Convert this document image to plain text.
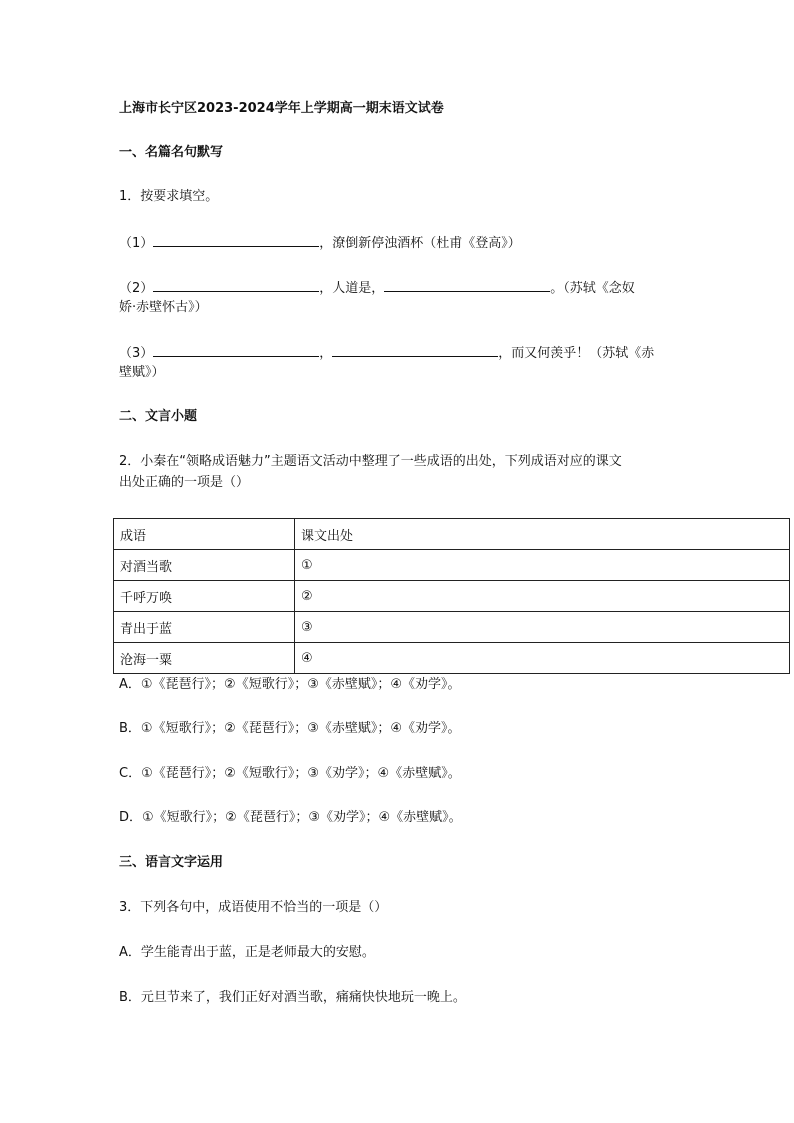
上海市长宁区2023-2024学年上学期高一期末语文试卷
一、名篇名句默写
1．按要求填空。
（1）	，潦倒新停浊酒杯（杜甫《登高》）
（2）	，人道是，	。（苏轼《念奴
娇·赤壁怀古》）
（3）	，	，而又何羡乎！（苏轼《赤
壁赋》）
二、文言小题
2．小秦在“领略成语魅力”主题语文活动中整理了一些成语的出处，下列成语对应的课文
出处正确的一项是（）
成语	课文出处
对酒当歌	①
千呼万唤	②
青出于蓝	③
沧海一粟	④
A．①《琵琶行》；②《短歌行》；③《赤壁赋》；④《劝学》。
B．①《短歌行》；②《琵琶行》；③《赤壁赋》；④《劝学》。
C．①《琵琶行》；②《短歌行》；③《劝学》；④《赤壁赋》。
D．①《短歌行》；②《琵琶行》；③《劝学》；④《赤壁赋》。
三、语言文字运用
3．下列各句中，成语使用不恰当的一项是（）
A．学生能青出于蓝，正是老师最大的安慰。
B．元旦节来了，我们正好对酒当歌，痛痛快快地玩一晚上。
